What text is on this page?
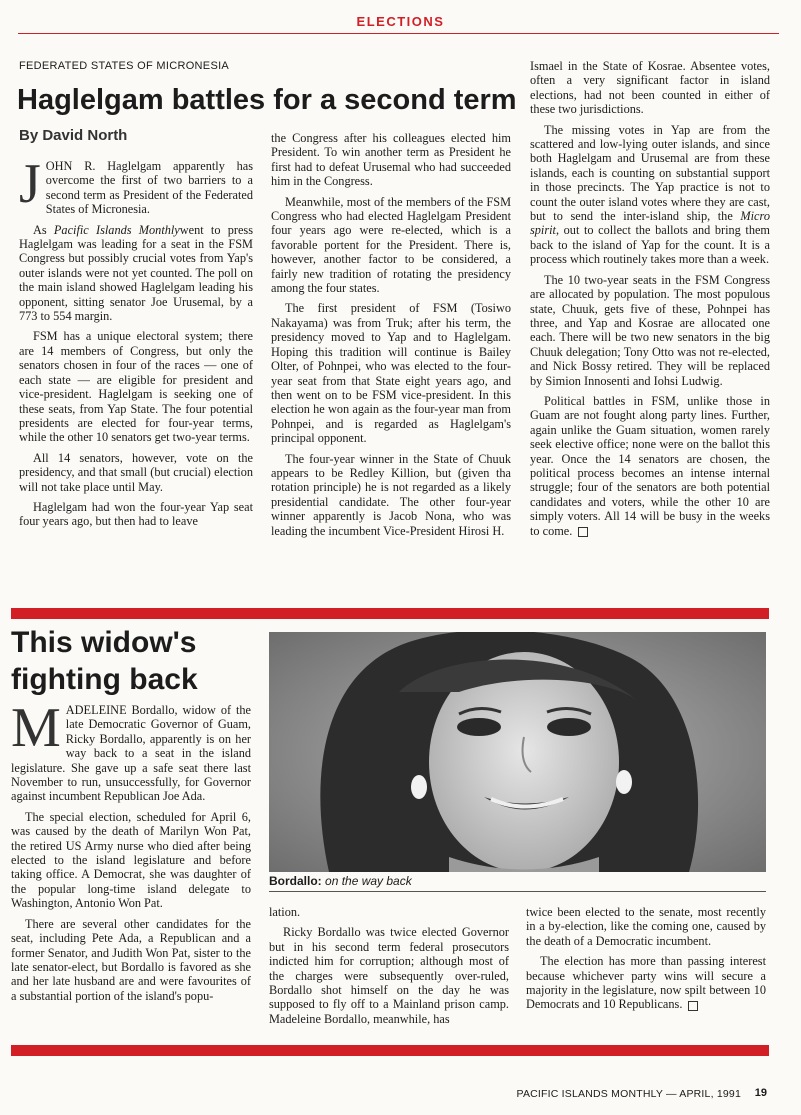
ELECTIONS
FEDERATED STATES OF MICRONESIA
Haglelgam battles for a second term
By David North

JOHN R. Haglelgam apparently has overcome the first of two barriers to a second term as President of the Federated States of Micronesia.

As Pacific Islands Monthlywent to press Haglelgam was leading for a seat in the FSM Congress but possibly crucial votes from Yap's outer islands were not yet counted. The poll on the main island showed Haglelgam leading his opponent, sitting senator Joe Urusemal, by a 773 to 554 margin.

FSM has a unique electoral system; there are 14 members of Congress, but only the senators chosen in four of the races — one of each state — are eligible for president and vice-president. Haglelgam is seeking one of these seats, from Yap State. The four potential presidents are elected for four-year terms, while the other 10 senators get two-year terms.

All 14 senators, however, vote on the presidency, and that small (but crucial) election will not take place until May.

Haglelgam had won the four-year Yap seat four years ago, but then had to leave

the Congress after his colleagues elected him President. To win another term as President he first had to defeat Urusemal who had succeeded him in the Congress.

Meanwhile, most of the members of the FSM Congress who had elected Haglelgam President four years ago were re-elected, which is a favorable portent for the President. There is, however, another factor to be considered, a fairly new tradition of rotating the presidency among the four states.

The first president of FSM (Tosiwo Nakayama) was from Truk; after his term, the presidency moved to Yap and to Haglelgam. Hoping this tradition will continue is Bailey Olter, of Pohnpei, who was elected to the four-year seat from that State eight years ago, and then went on to be FSM vice-president. In this election he won again as the four-year man from Pohnpei, and is regarded as Haglelgam's principal opponent.

The four-year winner in the State of Chuuk appears to be Redley Killion, but (given tha rotation principle) he is not regarded as a likely presidential candidate. The other four-year winner apparently is Jacob Nona, who was leading the incumbent Vice-President Hirosi H.

Ismael in the State of Kosrae. Absentee votes, often a very significant factor in island elections, had not been counted in either of these two jurisdictions.

The missing votes in Yap are from the scattered and low-lying outer islands, and since both Haglelgam and Urusemal are from these islands, each is counting on substantial support in those precincts. The Yap practice is not to count the outer island votes where they are cast, but to send the inter-island ship, the Micro spirit, out to collect the ballots and bring them back to the island of Yap for the count. It is a process which routinely takes more than a week.

The 10 two-year seats in the FSM Congress are allocated by population. The most populous state, Chuuk, gets five of these, Pohnpei has three, and Yap and Kosrae are allocated one each. There will be two new senators in the big Chuuk delegation; Tony Otto was not re-elected, and Nick Bossy retired. They will be replaced by Simion Innosenti and Iohsi Ludwig.

Political battles in FSM, unlike those in Guam are not fought along party lines. Further, again unlike the Guam situation, women rarely seek elective office; none were on the ballot this year. Once the 14 senators are chosen, the political process becomes an intense internal struggle; four of the senators are both potential candidates and voters, while the other 10 are simply voters. All 14 will be busy in the weeks to come.

This widow's fighting back
Bordallo: on the way back

MADELEINE Bordallo, widow of the late Democratic Governor of Guam, Ricky Bordallo, apparently is on her way back to a seat in the island legislature. She gave up a safe seat there last November to run, unsuccessfully, for Governor against incumbent Republican Joe Ada.

The special election, scheduled for April 6, was caused by the death of Marilyn Won Pat, the retired US Army nurse who died after being elected to the island legislature and before taking office. A Democrat, she was daughter of the popular long-time island delegate to Washington, Antonio Won Pat.

There are several other candidates for the seat, including Pete Ada, a Republican and a former Senator, and Judith Won Pat, sister to the late senator-elect, but Bordallo is favored as she and her late husband are and were favourites of a substantial portion of the island's popu-

lation.

Ricky Bordallo was twice elected Governor but in his second term federal prosecutors indicted him for corruption; although most of the charges were subsequently over-ruled, Bordallo shot himself on the day he was supposed to fly off to a Mainland prison camp. Madeleine Bordallo, meanwhile, has

twice been elected to the senate, most recently in a by-election, like the coming one, caused by the death of a Democratic incumbent.

The election has more than passing interest because whichever party wins will secure a majority in the legislature, now spilt between 10 Democrats and 10 Republicans.

PACIFIC ISLANDS MONTHLY — APRIL, 1991 19
